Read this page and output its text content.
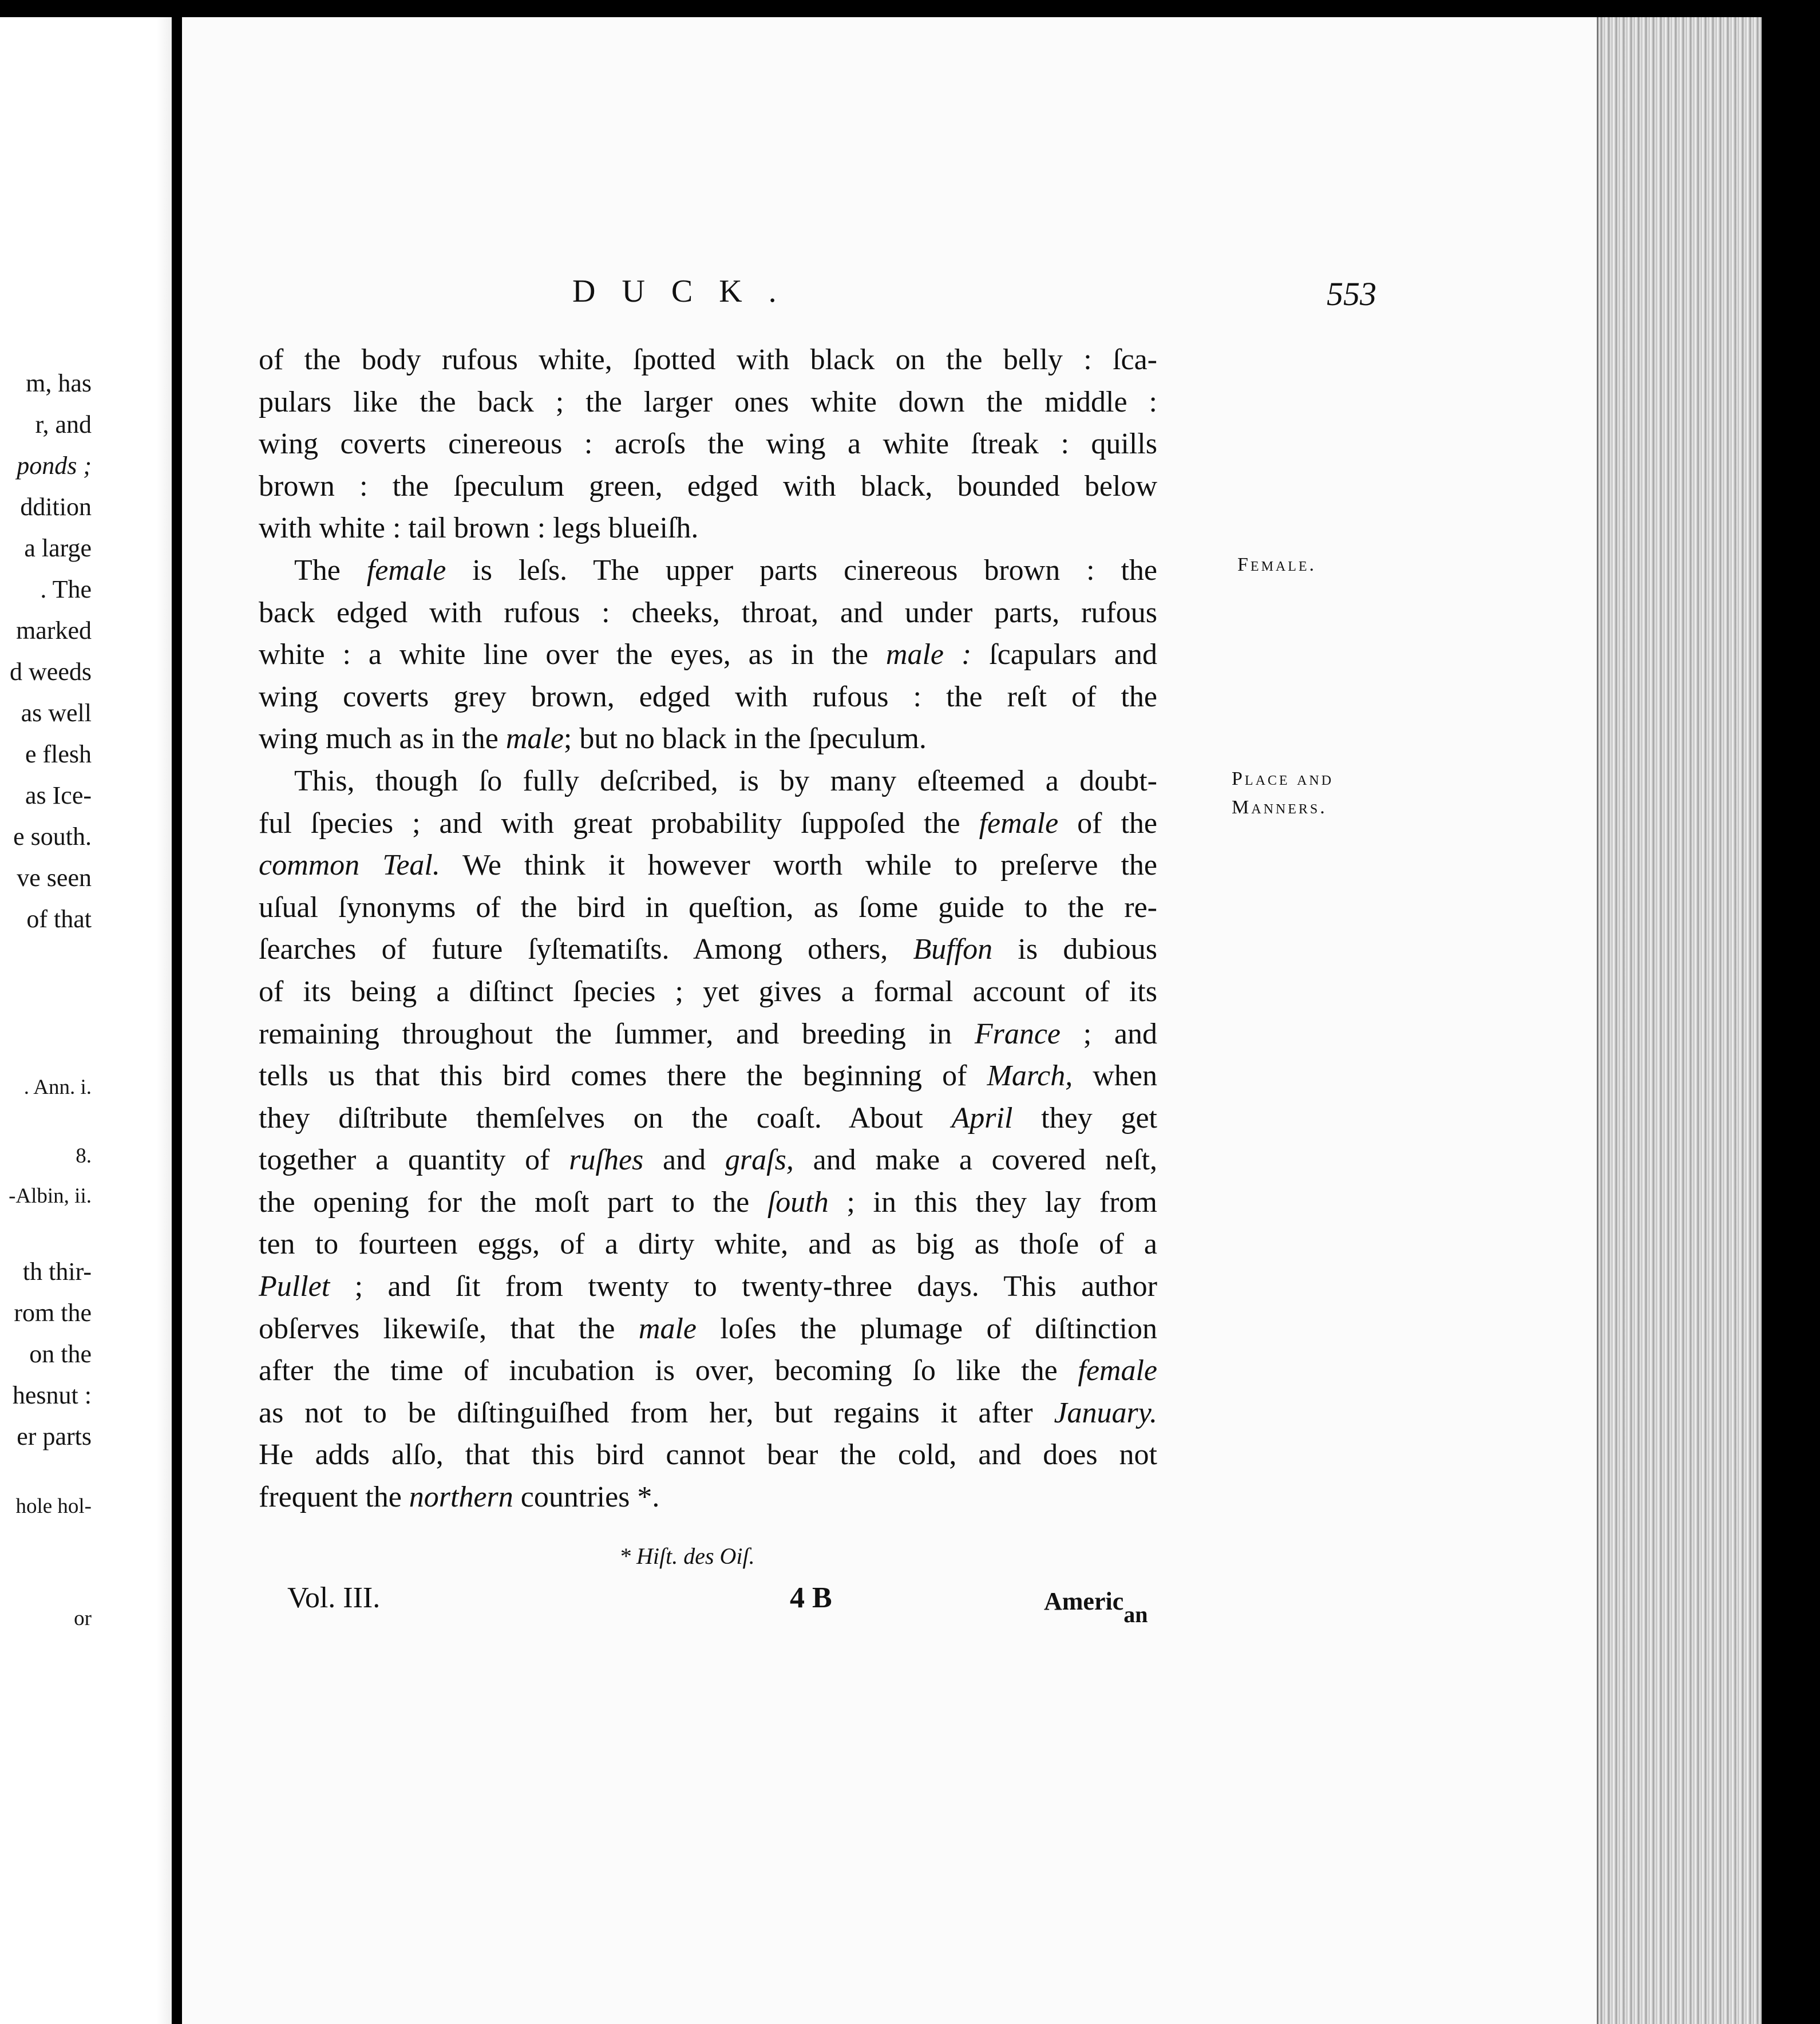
m, has
r, and
ponds ;
ddition
a large
. The
marked
d weeds
as well
e flesh
as Ice-
e south.
ve seen
of that
. Ann. i.
8.
-Albin, ii.
th thir-
rom the
on the
hesnut :
er parts
hole hol-
or
DUCK.	553
of the body rufous white, ſpotted with black on the belly : ſca-
pulars like the back ; the larger ones white down the middle :
wing coverts cinereous : acroſs the wing a white ſtreak : quills
brown : the ſpeculum green, edged with black, bounded below
with white : tail brown : legs blueiſh.
The female is leſs. The upper parts cinereous brown : the
back edged with rufous : cheeks, throat, and under parts, rufous
white : a white line over the eyes, as in the male : ſcapulars and
wing coverts grey brown, edged with rufous : the reſt of the
wing much as in the male; but no black in the ſpeculum.
This, though ſo fully deſcribed, is by many eſteemed a doubt-
ful ſpecies ; and with great probability ſuppoſed the female of the
common Teal. We think it however worth while to preſerve the
uſual ſynonyms of the bird in queſtion, as ſome guide to the re-
ſearches of future ſyſtematiſts. Among others, Buffon is dubious
of its being a diſtinct ſpecies ; yet gives a formal account of its
remaining throughout the ſummer, and breeding in France ; and
tells us that this bird comes there the beginning of March, when
they diſtribute themſelves on the coaſt. About April they get
together a quantity of ruſhes and graſs, and make a covered neſt,
the opening for the moſt part to the ſouth ; in this they lay from
ten to fourteen eggs, of a dirty white, and as big as thoſe of a
Pullet ; and ſit from twenty to twenty-three days. This author
obſerves likewiſe, that the male loſes the plumage of diſtinction
after the time of incubation is over, becoming ſo like the female
as not to be diſtinguiſhed from her, but regains it after January.
He adds alſo, that this bird cannot bear the cold, and does not
frequent the northern countries *.
Female.
Place and
Manners.
* Hiſt. des Oiſ.
Vol. III.	4 B	American
